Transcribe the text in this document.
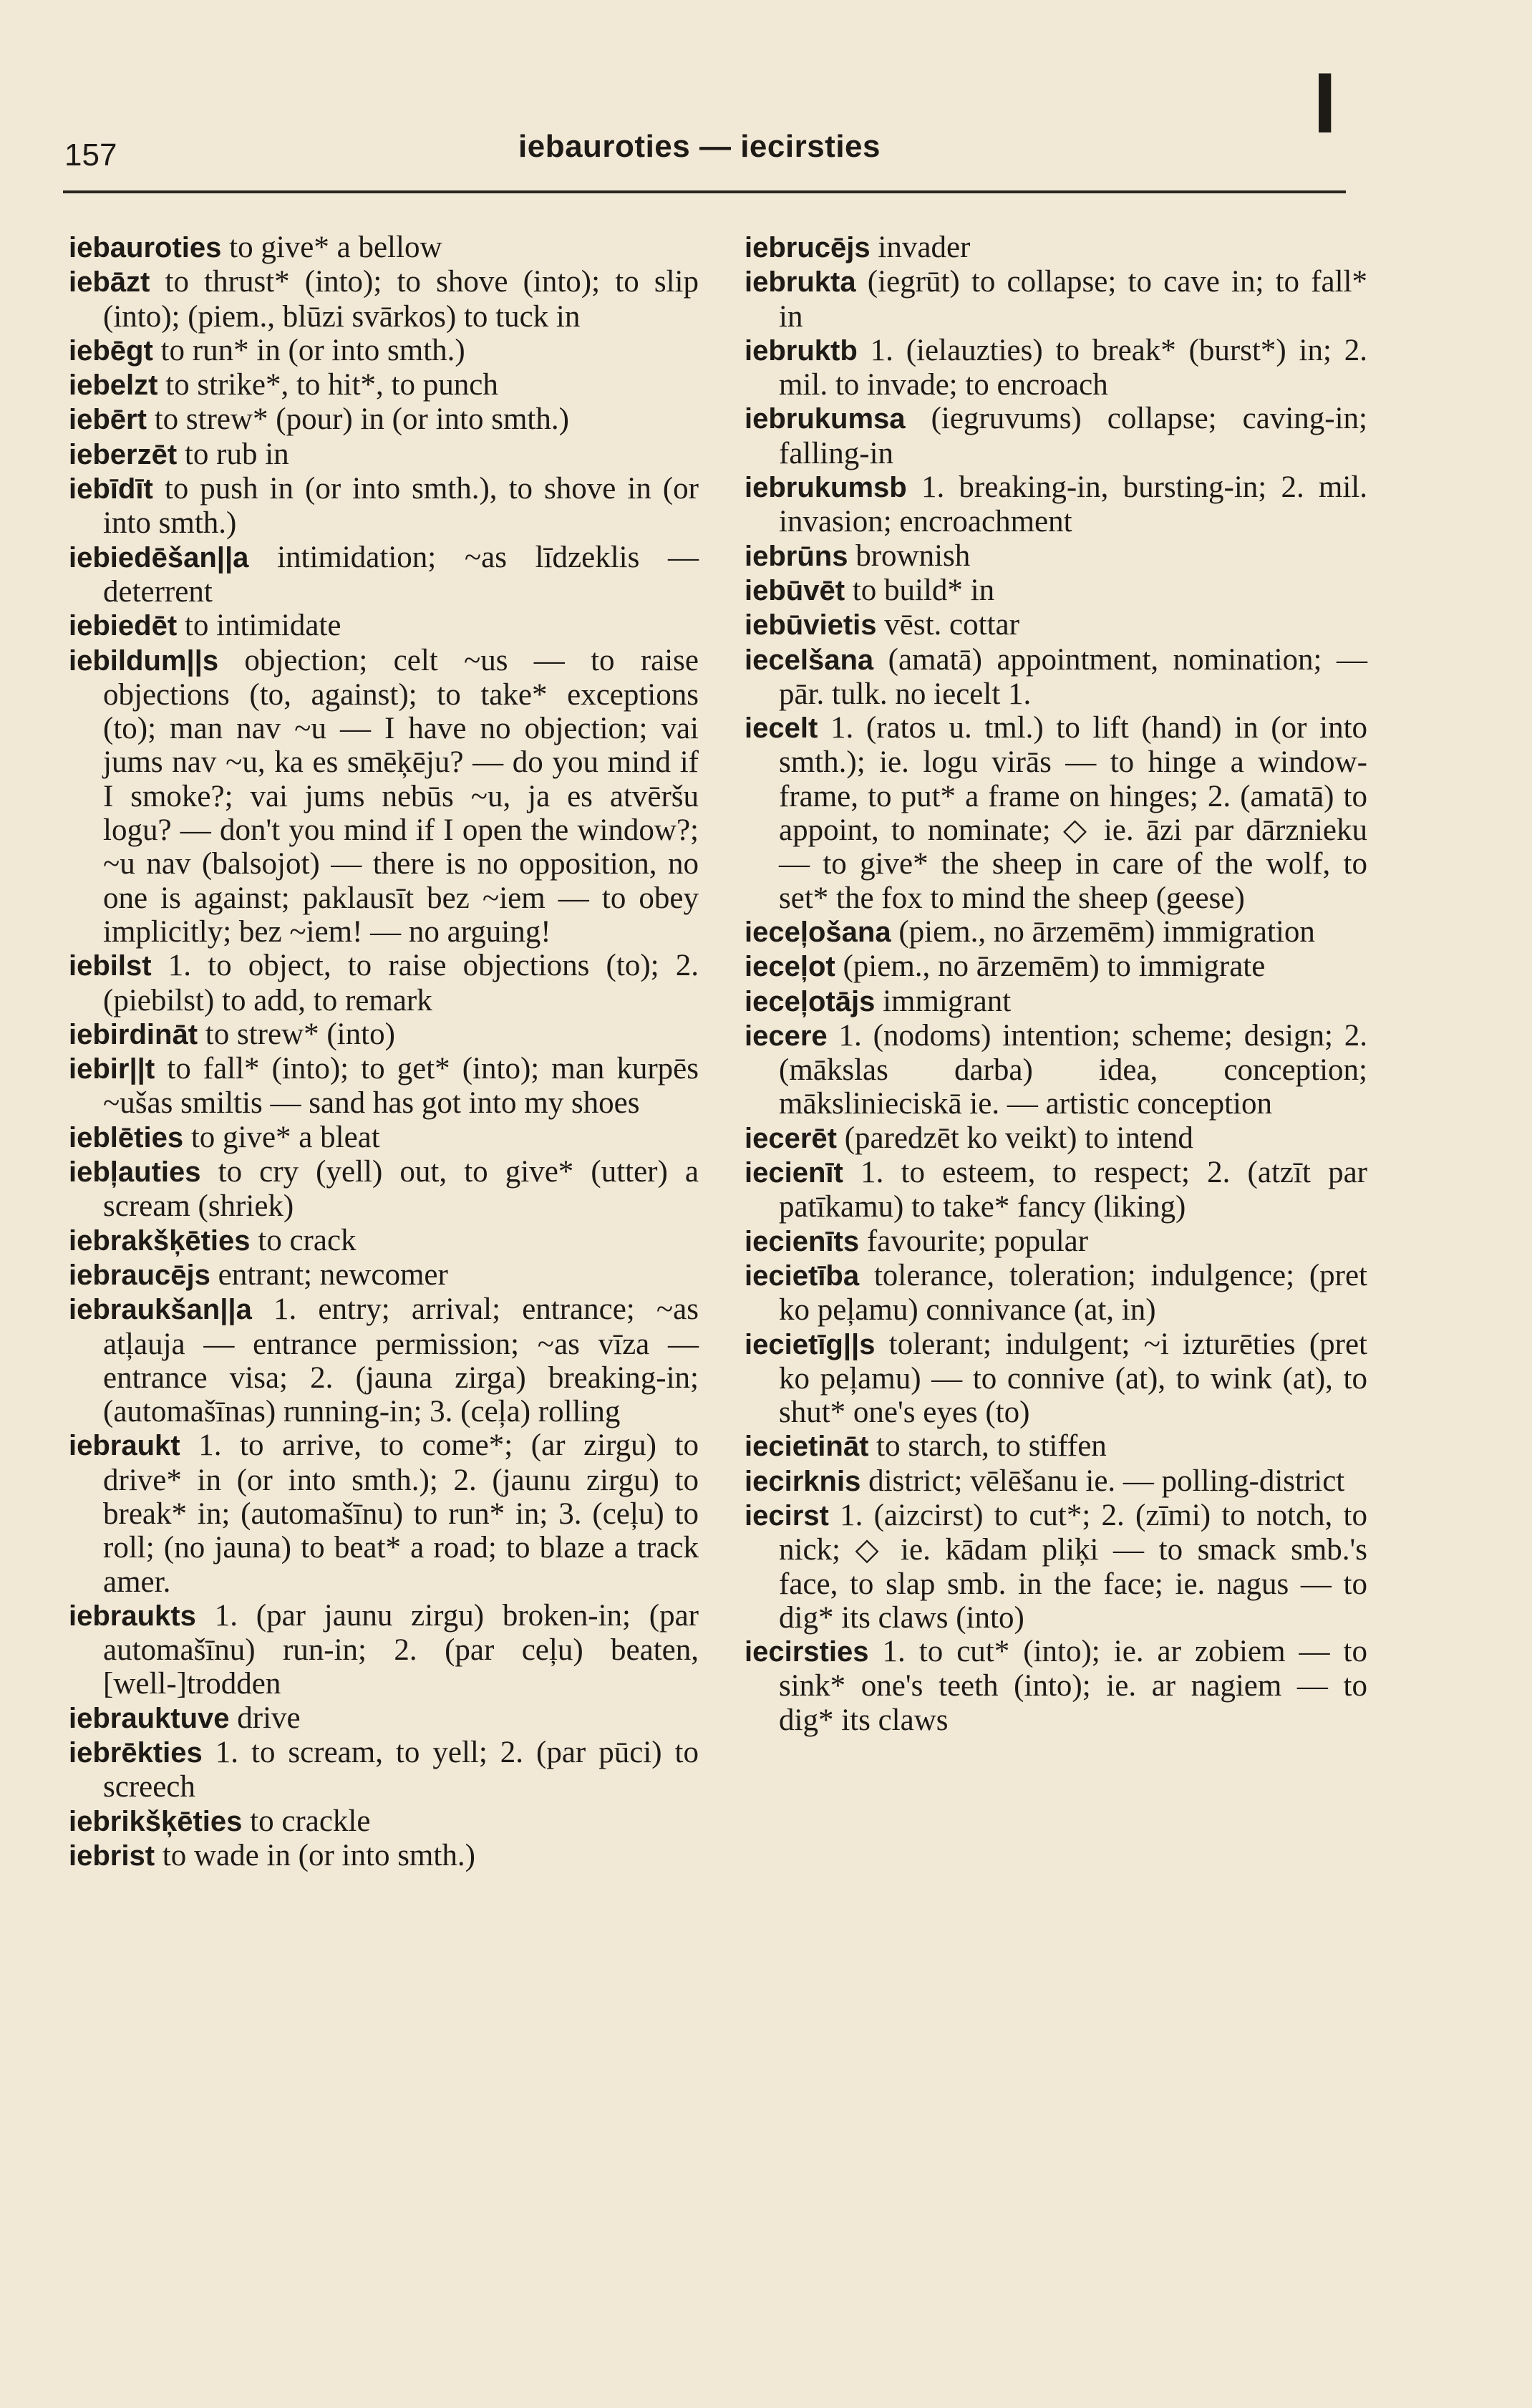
157	iebauroties — iecirsties	I
iebauroties to give* a bellow
iebāzt to thrust* (into); to shove (into); to slip (into); (piem., blūzi svārkos) to tuck in
iebēgt to run* in (or into smth.)
iebelzt to strike*, to hit*, to punch
iebērt to strew* (pour) in (or into smth.)
ieberzēt to rub in
iebīdīt to push in (or into smth.), to shove in (or into smth.)
iebiedēšan||a intimidation; ~as līdzeklis — deterrent
iebiedēt to intimidate
iebildum||s objection; celt ~us — to raise objections (to, against); to take* exceptions (to); man nav ~u — I have no objection; vai jums nav ~u, ka es smēķēju? — do you mind if I smoke?; vai jums nebūs ~u, ja es atvēršu logu? — don't you mind if I open the window?; ~u nav (balsojot) — there is no opposition, no one is against; paklausīt bez ~iem — to obey implicitly; bez ~iem! — no arguing!
iebilst 1. to object, to raise objections (to); 2. (piebilst) to add, to remark
iebirdināt to strew* (into)
iebir||t to fall* (into); to get* (into); man kurpēs ~ušas smiltis — sand has got into my shoes
ieblēties to give* a bleat
iebļauties to cry (yell) out, to give* (utter) a scream (shriek)
iebrakšķēties to crack
iebraucējs entrant; newcomer
iebraukšan||a 1. entry; arrival; entrance; ~as atļauja — entrance permission; ~as vīza — entrance visa; 2. (jauna zirga) breaking-in; (automašīnas) running-in; 3. (ceļa) rolling
iebraukt 1. to arrive, to come*; (ar zirgu) to drive* in (or into smth.); 2. (jaunu zirgu) to break* in; (automašīnu) to run* in; 3. (ceļu) to roll; (no jauna) to beat* a road; to blaze a track amer.
iebraukts 1. (par jaunu zirgu) broken-in; (par automašīnu) run-in; 2. (par ceļu) beaten, [well-]trodden
iebrauktuve drive
iebrēkties 1. to scream, to yell; 2. (par pūci) to screech
iebrikšķēties to crackle
iebrist to wade in (or into smth.)
iebrucējs invader
iebrukta (iegrūt) to collapse; to cave in; to fall* in
iebruktb 1. (ielauzties) to break* (burst*) in; 2. mil. to invade; to encroach
iebrukumsa (iegruvums) collapse; caving-in; falling-in
iebrukumsb 1. breaking-in, bursting-in; 2. mil. invasion; encroachment
iebrūns brownish
iebūvēt to build* in
iebūvietis vēst. cottar
iecelšana (amatā) appointment, nomination; — pār. tulk. no iecelt 1.
iecelt 1. (ratos u. tml.) to lift (hand) in (or into smth.); ie. logu virās — to hinge a window-frame, to put* a frame on hinges; 2. (amatā) to appoint, to nominate; ◇ ie. āzi par dārznieku — to give* the sheep in care of the wolf, to set* the fox to mind the sheep (geese)
ieceļošana (piem., no ārzemēm) immigration
ieceļot (piem., no ārzemēm) to immigrate
ieceļotājs immigrant
iecere 1. (nodoms) intention; scheme; design; 2. (mākslas darba) idea, conception; mākslinieciskā ie. — artistic conception
iecerēt (paredzēt ko veikt) to intend
iecienīt 1. to esteem, to respect; 2. (atzīt par patīkamu) to take* fancy (liking)
iecienīts favourite; popular
iecietība tolerance, toleration; indulgence; (pret ko peļamu) connivance (at, in)
iecietīg||s tolerant; indulgent; ~i izturēties (pret ko peļamu) — to connive (at), to wink (at), to shut* one's eyes (to)
iecietināt to starch, to stiffen
iecirknis district; vēlēšanu ie. — polling-district
iecirst 1. (aizcirst) to cut*; 2. (zīmi) to notch, to nick; ◇ ie. kādam pliķi — to smack smb.'s face, to slap smb. in the face; ie. nagus — to dig* its claws (into)
iecirsties 1. to cut* (into); ie. ar zobiem — to sink* one's teeth (into); ie. ar nagiem — to dig* its claws
